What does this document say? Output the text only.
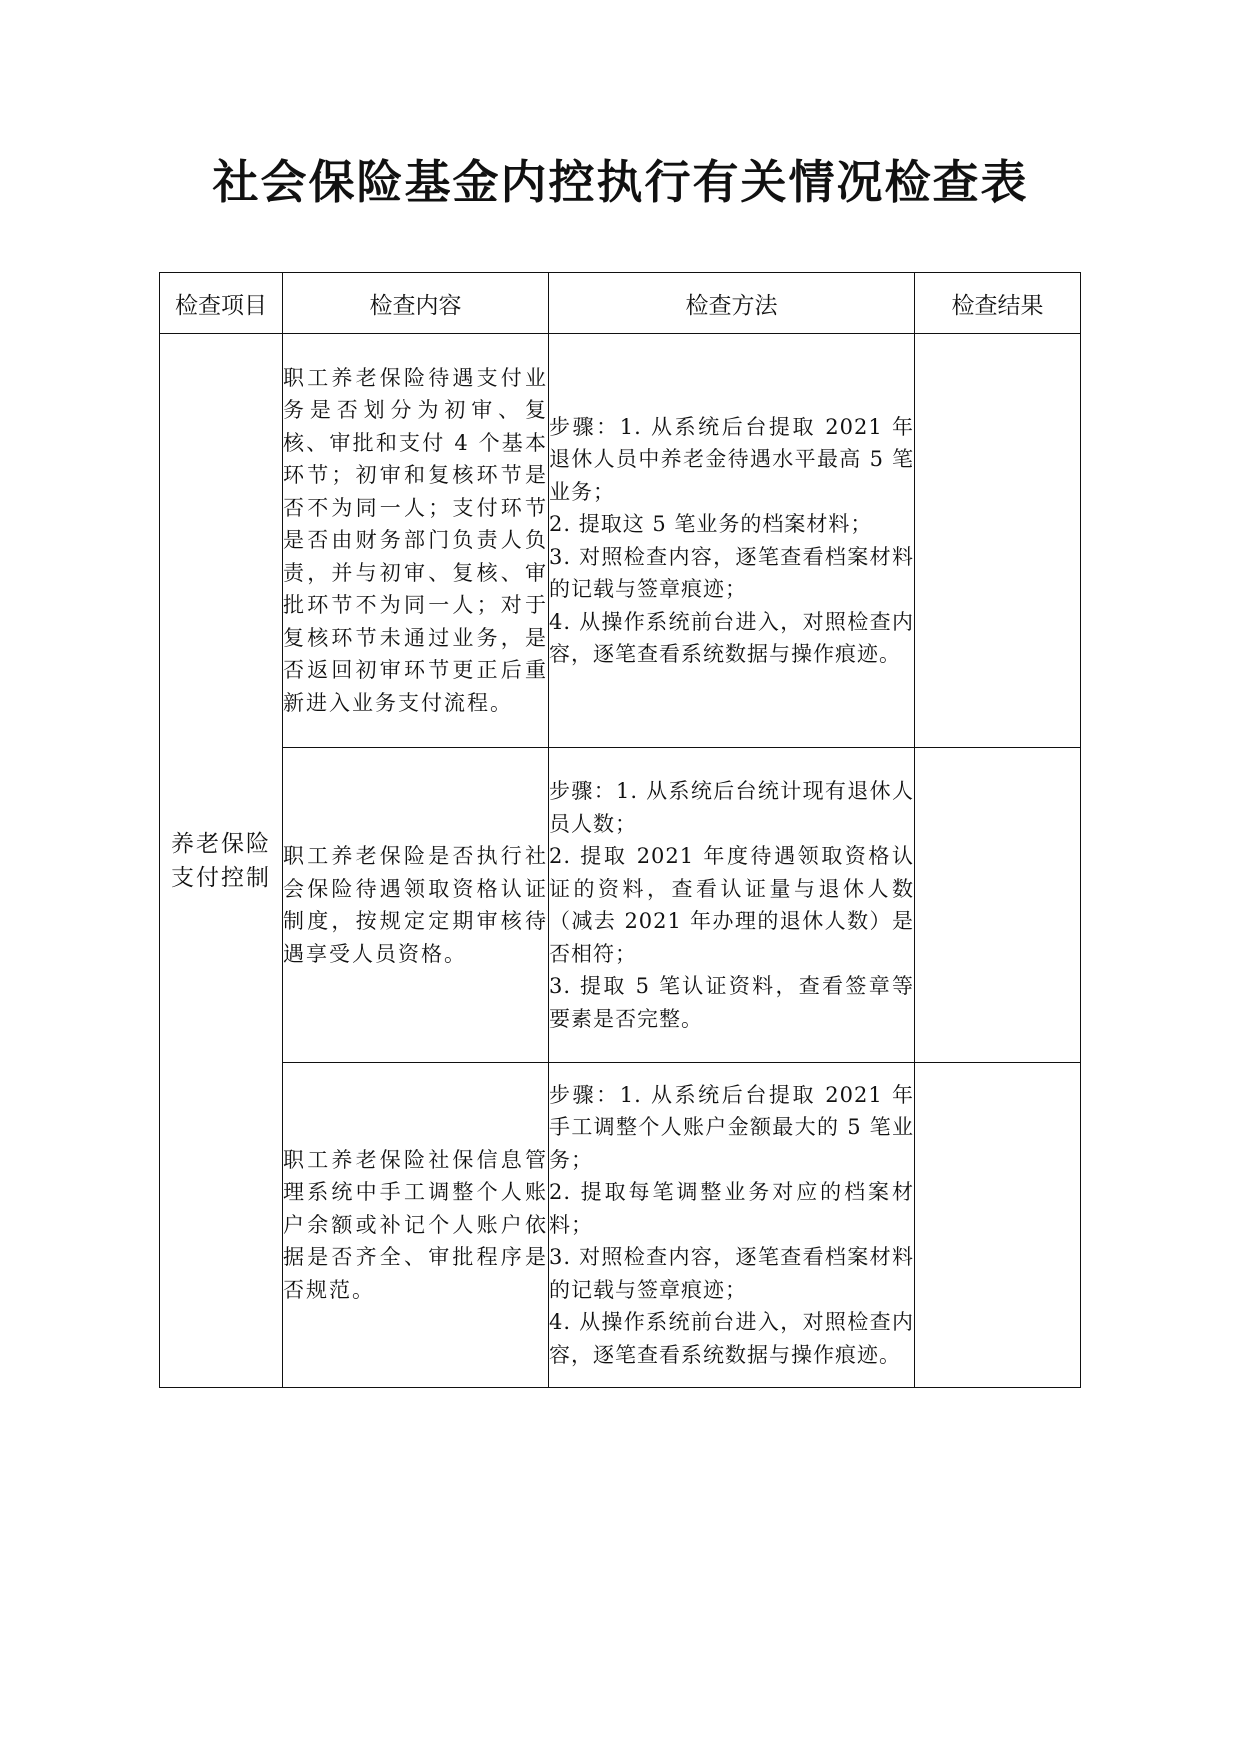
社会保险基金内控执行有关情况检查表
检查项目	检查内容	检查方法	检查结果
养老保险支付控制	职工养老保险待遇支付业务是否划分为初审、复核、审批和支付 4 个基本环节；初审和复核环节是否不为同一人；支付环节是否由财务部门负责人负责，并与初审、复核、审批环节不为同一人；对于复核环节未通过业务，是否返回初审环节更正后重新进入业务支付流程。	步骤：1. 从系统后台提取 2021 年退休人员中养老金待遇水平最高 5 笔业务；
2. 提取这 5 笔业务的档案材料；
3. 对照检查内容，逐笔查看档案材料的记载与签章痕迹；
4. 从操作系统前台进入，对照检查内容，逐笔查看系统数据与操作痕迹。	

	职工养老保险是否执行社会保险待遇领取资格认证制度，按规定定期审核待遇享受人员资格。	步骤：1. 从系统后台统计现有退休人员人数；
2. 提取 2021 年度待遇领取资格认证的资料，查看认证量与退休人数（减去 2021 年办理的退休人数）是否相符；
3. 提取 5 笔认证资料，查看签章等要素是否完整。	

	职工养老保险社保信息管理系统中手工调整个人账户余额或补记个人账户依据是否齐全、审批程序是否规范。	步骤：1. 从系统后台提取 2021 年手工调整个人账户金额最大的 5 笔业务；
2. 提取每笔调整业务对应的档案材料；
3. 对照检查内容，逐笔查看档案材料的记载与签章痕迹；
4. 从操作系统前台进入，对照检查内容，逐笔查看系统数据与操作痕迹。	
